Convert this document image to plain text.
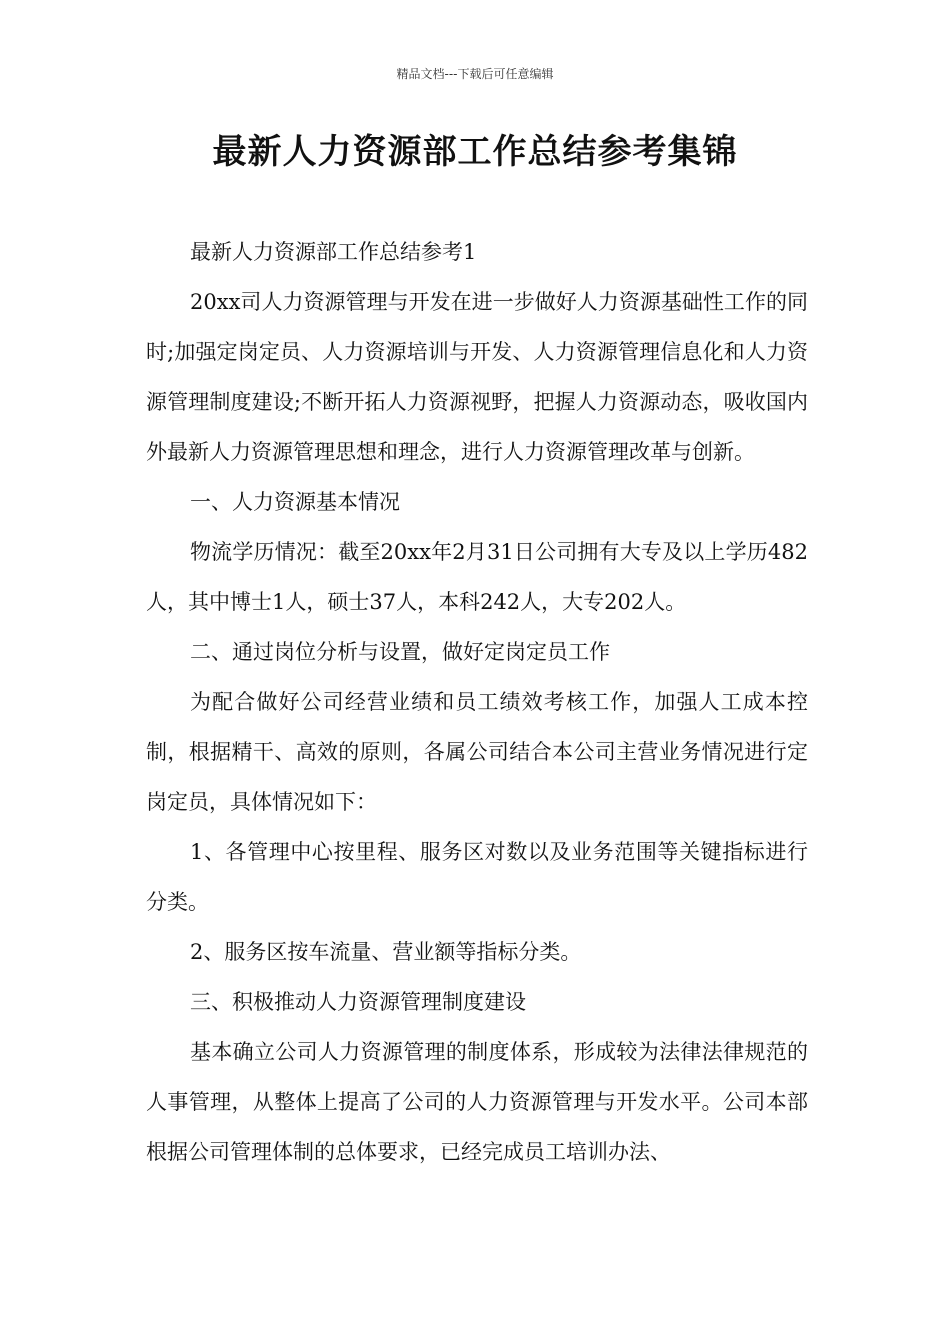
精品文档---下载后可任意编辑
最新人力资源部工作总结参考集锦

最新人力资源部工作总结参考1

20xx司人力资源管理与开发在进一步做好人力资源基础性工作的同时;加强定岗定员、人力资源培训与开发、人力资源管理信息化和人力资源管理制度建设;不断开拓人力资源视野，把握人力资源动态，吸收国内外最新人力资源管理思想和理念，进行人力资源管理改革与创新。

一、人力资源基本情况

物流学历情况：截至20xx年2月31日公司拥有大专及以上学历482人，其中博士1人，硕士37人，本科242人，大专202人。

二、通过岗位分析与设置，做好定岗定员工作

为配合做好公司经营业绩和员工绩效考核工作，加强人工成本控制，根据精干、高效的原则，各属公司结合本公司主营业务情况进行定岗定员，具体情况如下：

1、各管理中心按里程、服务区对数以及业务范围等关键指标进行分类。

2、服务区按车流量、营业额等指标分类。

三、积极推动人力资源管理制度建设

基本确立公司人力资源管理的制度体系，形成较为法律法律规范的人事管理，从整体上提高了公司的人力资源管理与开发水平。公司本部根据公司管理体制的总体要求，已经完成员工培训办法、
